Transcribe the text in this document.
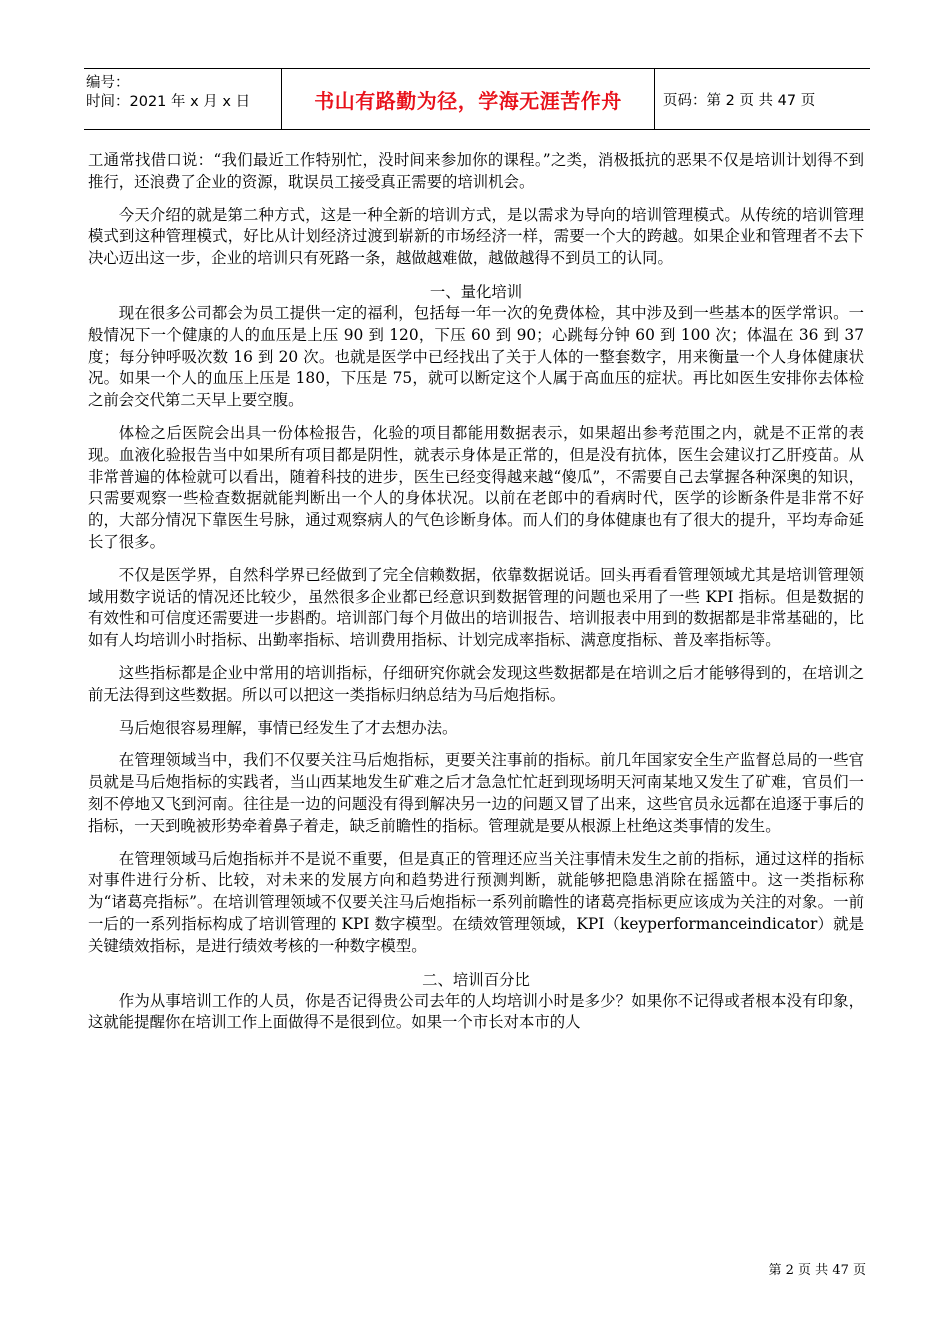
编号：
时间：2021 年 x 月 x 日	书山有路勤为径，学海无涯苦作舟	页码：第 2 页 共 47 页

工通常找借口说：“我们最近工作特别忙，没时间来参加你的课程。”之类，消极抵抗的恶果不仅是培训计划得不到推行，还浪费了企业的资源，耽误员工接受真正需要的培训机会。

今天介绍的就是第二种方式，这是一种全新的培训方式，是以需求为导向的培训管理模式。从传统的培训管理模式到这种管理模式，好比从计划经济过渡到崭新的市场经济一样，需要一个大的跨越。如果企业和管理者不去下决心迈出这一步，企业的培训只有死路一条，越做越难做，越做越得不到员工的认同。

一、量化培训

现在很多公司都会为员工提供一定的福利，包括每一年一次的免费体检，其中涉及到一些基本的医学常识。一般情况下一个健康的人的血压是上压 90 到 120，下压 60 到 90；心跳每分钟 60 到 100 次；体温在 36 到 37 度；每分钟呼吸次数 16 到 20 次。也就是医学中已经找出了关于人体的一整套数字，用来衡量一个人身体健康状况。如果一个人的血压上压是 180，下压是 75，就可以断定这个人属于高血压的症状。再比如医生安排你去体检之前会交代第二天早上要空腹。

体检之后医院会出具一份体检报告，化验的项目都能用数据表示，如果超出参考范围之内，就是不正常的表现。血液化验报告当中如果所有项目都是阴性，就表示身体是正常的，但是没有抗体，医生会建议打乙肝疫苗。从非常普遍的体检就可以看出，随着科技的进步，医生已经变得越来越“傻瓜”，不需要自己去掌握各种深奥的知识，只需要观察一些检查数据就能判断出一个人的身体状况。以前在老郎中的看病时代，医学的诊断条件是非常不好的，大部分情况下靠医生号脉，通过观察病人的气色诊断身体。而人们的身体健康也有了很大的提升，平均寿命延长了很多。

不仅是医学界，自然科学界已经做到了完全信赖数据，依靠数据说话。回头再看看管理领域尤其是培训管理领域用数字说话的情况还比较少，虽然很多企业都已经意识到数据管理的问题也采用了一些 KPI 指标。但是数据的有效性和可信度还需要进一步斟酌。培训部门每个月做出的培训报告、培训报表中用到的数据都是非常基础的，比如有人均培训小时指标、出勤率指标、培训费用指标、计划完成率指标、满意度指标、普及率指标等。

这些指标都是企业中常用的培训指标，仔细研究你就会发现这些数据都是在培训之后才能够得到的，在培训之前无法得到这些数据。所以可以把这一类指标归纳总结为马后炮指标。

马后炮很容易理解，事情已经发生了才去想办法。

在管理领域当中，我们不仅要关注马后炮指标，更要关注事前的指标。前几年国家安全生产监督总局的一些官员就是马后炮指标的实践者，当山西某地发生矿难之后才急急忙忙赶到现场明天河南某地又发生了矿难，官员们一刻不停地又飞到河南。往往是一边的问题没有得到解决另一边的问题又冒了出来，这些官员永远都在追逐于事后的指标，一天到晚被形势牵着鼻子着走，缺乏前瞻性的指标。管理就是要从根源上杜绝这类事情的发生。

在管理领域马后炮指标并不是说不重要，但是真正的管理还应当关注事情未发生之前的指标，通过这样的指标对事件进行分析、比较，对未来的发展方向和趋势进行预测判断，就能够把隐患消除在摇篮中。这一类指标称为“诸葛亮指标”。在培训管理领域不仅要关注马后炮指标一系列前瞻性的诸葛亮指标更应该成为关注的对象。一前一后的一系列指标构成了培训管理的 KPI 数字模型。在绩效管理领域，KPI（keyperformanceindicator）就是关键绩效指标，是进行绩效考核的一种数字模型。

二、培训百分比

作为从事培训工作的人员，你是否记得贵公司去年的人均培训小时是多少？如果你不记得或者根本没有印象，这就能提醒你在培训工作上面做得不是很到位。如果一个市长对本市的人

第 2 页 共 47 页
